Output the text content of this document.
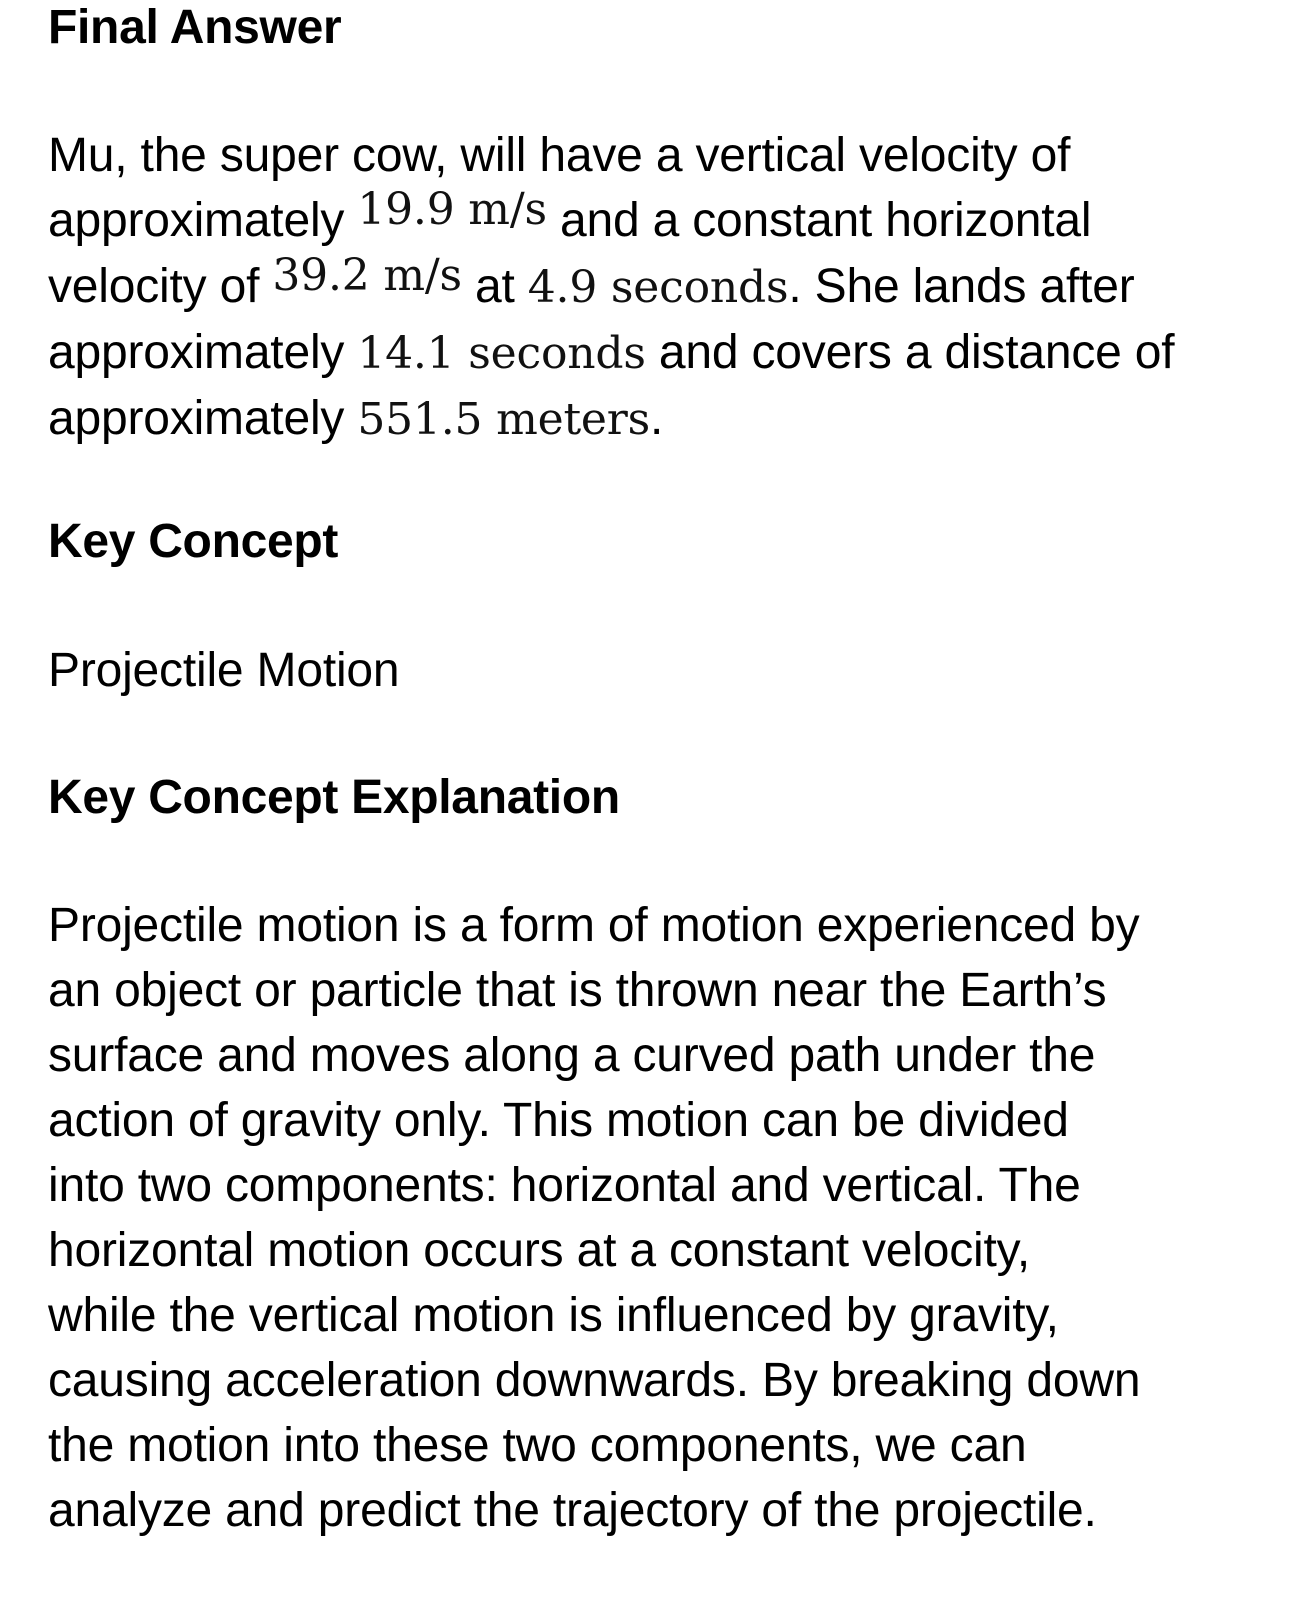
Final Answer
Mu, the super cow, will have a vertical velocity of
approximately 19.9 m/s and a constant horizontal
velocity of 39.2 m/s at 4.9 seconds. She lands after
approximately 14.1 seconds and covers a distance of
approximately 551.5 meters.
Key Concept
Projectile Motion
Key Concept Explanation
Projectile motion is a form of motion experienced by
an object or particle that is thrown near the Earth’s
surface and moves along a curved path under the
action of gravity only. This motion can be divided
into two components: horizontal and vertical. The
horizontal motion occurs at a constant velocity,
while the vertical motion is influenced by gravity,
causing acceleration downwards. By breaking down
the motion into these two components, we can
analyze and predict the trajectory of the projectile.
